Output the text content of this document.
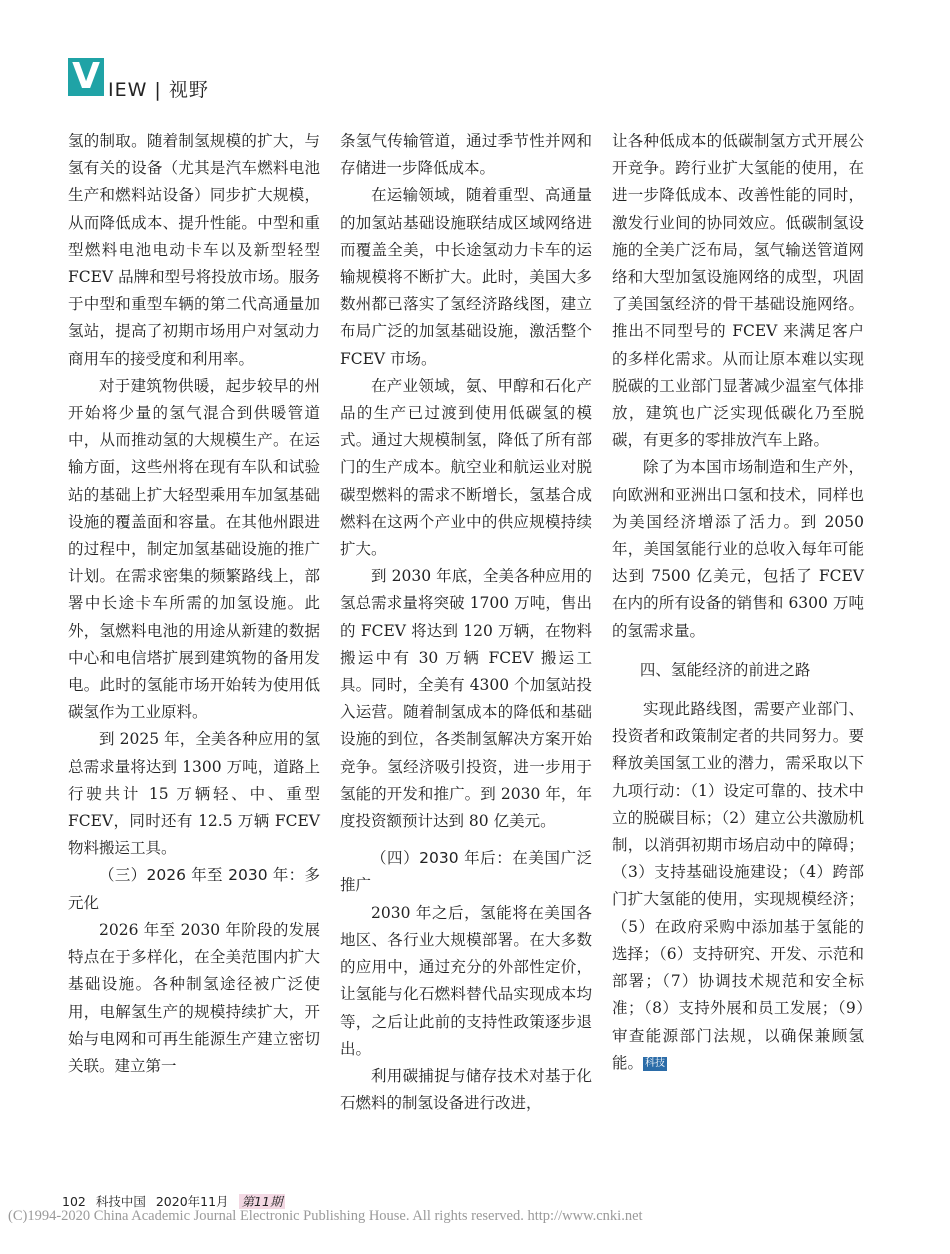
V IEW | 视野

氢的制取。随着制氢规模的扩大，与氢有关的设备（尤其是汽车燃料电池生产和燃料站设备）同步扩大规模，从而降低成本、提升性能。中型和重型燃料电池电动卡车以及新型轻型 FCEV 品牌和型号将投放市场。服务于中型和重型车辆的第二代高通量加氢站，提高了初期市场用户对氢动力商用车的接受度和利用率。

对于建筑物供暖，起步较早的州开始将少量的氢气混合到供暖管道中，从而推动氢的大规模生产。在运输方面，这些州将在现有车队和试验站的基础上扩大轻型乘用车加氢基础设施的覆盖面和容量。在其他州跟进的过程中，制定加氢基础设施的推广计划。在需求密集的频繁路线上，部署中长途卡车所需的加氢设施。此外，氢燃料电池的用途从新建的数据中心和电信塔扩展到建筑物的备用发电。此时的氢能市场开始转为使用低碳氢作为工业原料。

到 2025 年，全美各种应用的氢总需求量将达到 1300 万吨，道路上行驶共计 15 万辆轻、中、重型 FCEV，同时还有 12.5 万辆 FCEV 物料搬运工具。

（三）2026 年至 2030 年：多元化

2026 年至 2030 年阶段的发展特点在于多样化，在全美范围内扩大基础设施。各种制氢途径被广泛使用，电解氢生产的规模持续扩大，开始与电网和可再生能源生产建立密切关联。建立第一

条氢气传输管道，通过季节性并网和存储进一步降低成本。

在运输领域，随着重型、高通量的加氢站基础设施联结成区域网络进而覆盖全美，中长途氢动力卡车的运输规模将不断扩大。此时，美国大多数州都已落实了氢经济路线图，建立布局广泛的加氢基础设施，激活整个 FCEV 市场。

在产业领域，氨、甲醇和石化产品的生产已过渡到使用低碳氢的模式。通过大规模制氢，降低了所有部门的生产成本。航空业和航运业对脱碳型燃料的需求不断增长，氢基合成燃料在这两个产业中的供应规模持续扩大。

到 2030 年底，全美各种应用的氢总需求量将突破 1700 万吨，售出的 FCEV 将达到 120 万辆，在物料搬运中有 30 万辆 FCEV 搬运工具。同时，全美有 4300 个加氢站投入运营。随着制氢成本的降低和基础设施的到位，各类制氢解决方案开始竞争。氢经济吸引投资，进一步用于氢能的开发和推广。到 2030 年，年度投资额预计达到 80 亿美元。

（四）2030 年后：在美国广泛推广

2030 年之后，氢能将在美国各地区、各行业大规模部署。在大多数的应用中，通过充分的外部性定价，让氢能与化石燃料替代品实现成本均等，之后让此前的支持性政策逐步退出。

利用碳捕捉与储存技术对基于化石燃料的制氢设备进行改进，

让各种低成本的低碳制氢方式开展公开竞争。跨行业扩大氢能的使用，在进一步降低成本、改善性能的同时，激发行业间的协同效应。低碳制氢设施的全美广泛布局，氢气输送管道网络和大型加氢设施网络的成型，巩固了美国氢经济的骨干基础设施网络。推出不同型号的 FCEV 来满足客户的多样化需求。从而让原本难以实现脱碳的工业部门显著减少温室气体排放，建筑也广泛实现低碳化乃至脱碳，有更多的零排放汽车上路。

除了为本国市场制造和生产外，向欧洲和亚洲出口氢和技术，同样也为美国经济增添了活力。到 2050 年，美国氢能行业的总收入每年可能达到 7500 亿美元，包括了 FCEV 在内的所有设备的销售和 6300 万吨的氢需求量。

四、氢能经济的前进之路

实现此路线图，需要产业部门、投资者和政策制定者的共同努力。要释放美国氢工业的潜力，需采取以下九项行动：（1）设定可靠的、技术中立的脱碳目标；（2）建立公共激励机制，以消弭初期市场启动中的障碍；（3）支持基础设施建设；（4）跨部门扩大氢能的使用，实现规模经济；（5）在政府采购中添加基于氢能的选择；（6）支持研究、开发、示范和部署；（7）协调技术规范和安全标准；（8）支持外展和员工发展；（9）审查能源部门法规，以确保兼顾氢能。 科技

102 科技中国 2020年11月 第11期
(C)1994-2020 China Academic Journal Electronic Publishing House. All rights reserved. http://www.cnki.net
